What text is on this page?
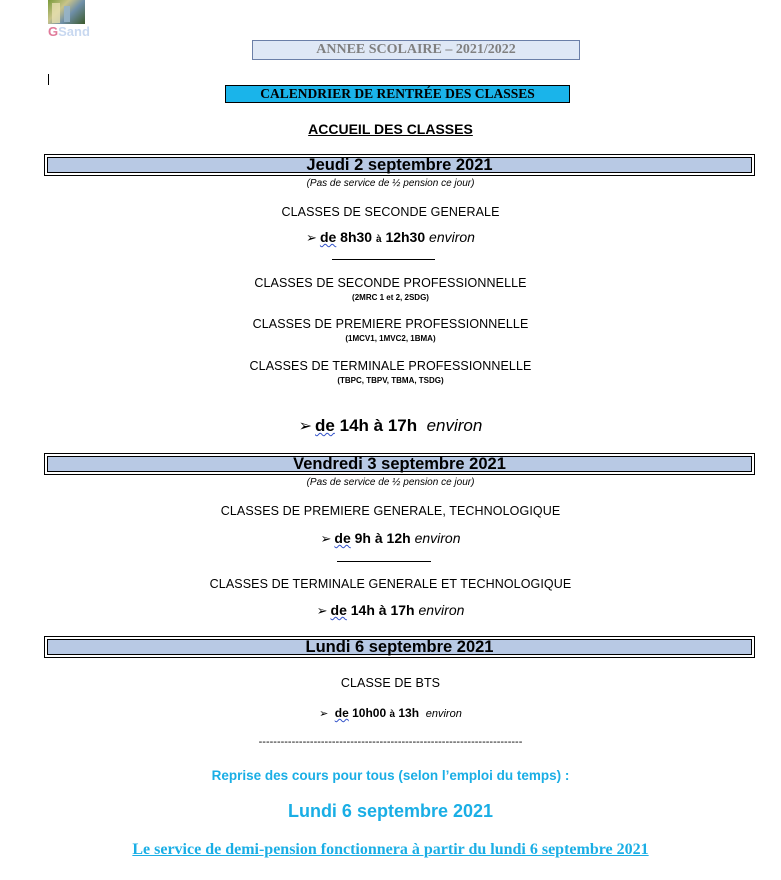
GSand
ANNEE SCOLAIRE – 2021/2022
CALENDRIER DE RENTRÉE DES CLASSES
ACCUEIL DES CLASSES
Jeudi 2 septembre 2021
(Pas de service de ½ pension ce jour)
CLASSES DE SECONDE GENERALE
➢ de 8h30 à 12h30 environ
CLASSES DE SECONDE PROFESSIONNELLE
(2MRC 1 et 2, 2SDG)
CLASSES DE PREMIERE PROFESSIONNELLE
(1MCV1, 1MVC2, 1BMA)
CLASSES DE TERMINALE PROFESSIONNELLE
(TBPC, TBPV, TBMA, TSDG)
➢ de 14h à 17h environ
Vendredi 3 septembre 2021
(Pas de service de ½ pension ce jour)
CLASSES DE PREMIERE GENERALE, TECHNOLOGIQUE
➢ de 9h à 12h environ
CLASSES DE TERMINALE GENERALE ET TECHNOLOGIQUE
➢ de 14h à 17h environ
Lundi 6 septembre 2021
CLASSE DE BTS
➢ de 10h00 à 13h environ
------------------------------------------------------------------------
Reprise des cours pour tous (selon l’emploi du temps) :
Lundi 6 septembre 2021
Le service de demi-pension fonctionnera à partir du lundi 6 septembre 2021
